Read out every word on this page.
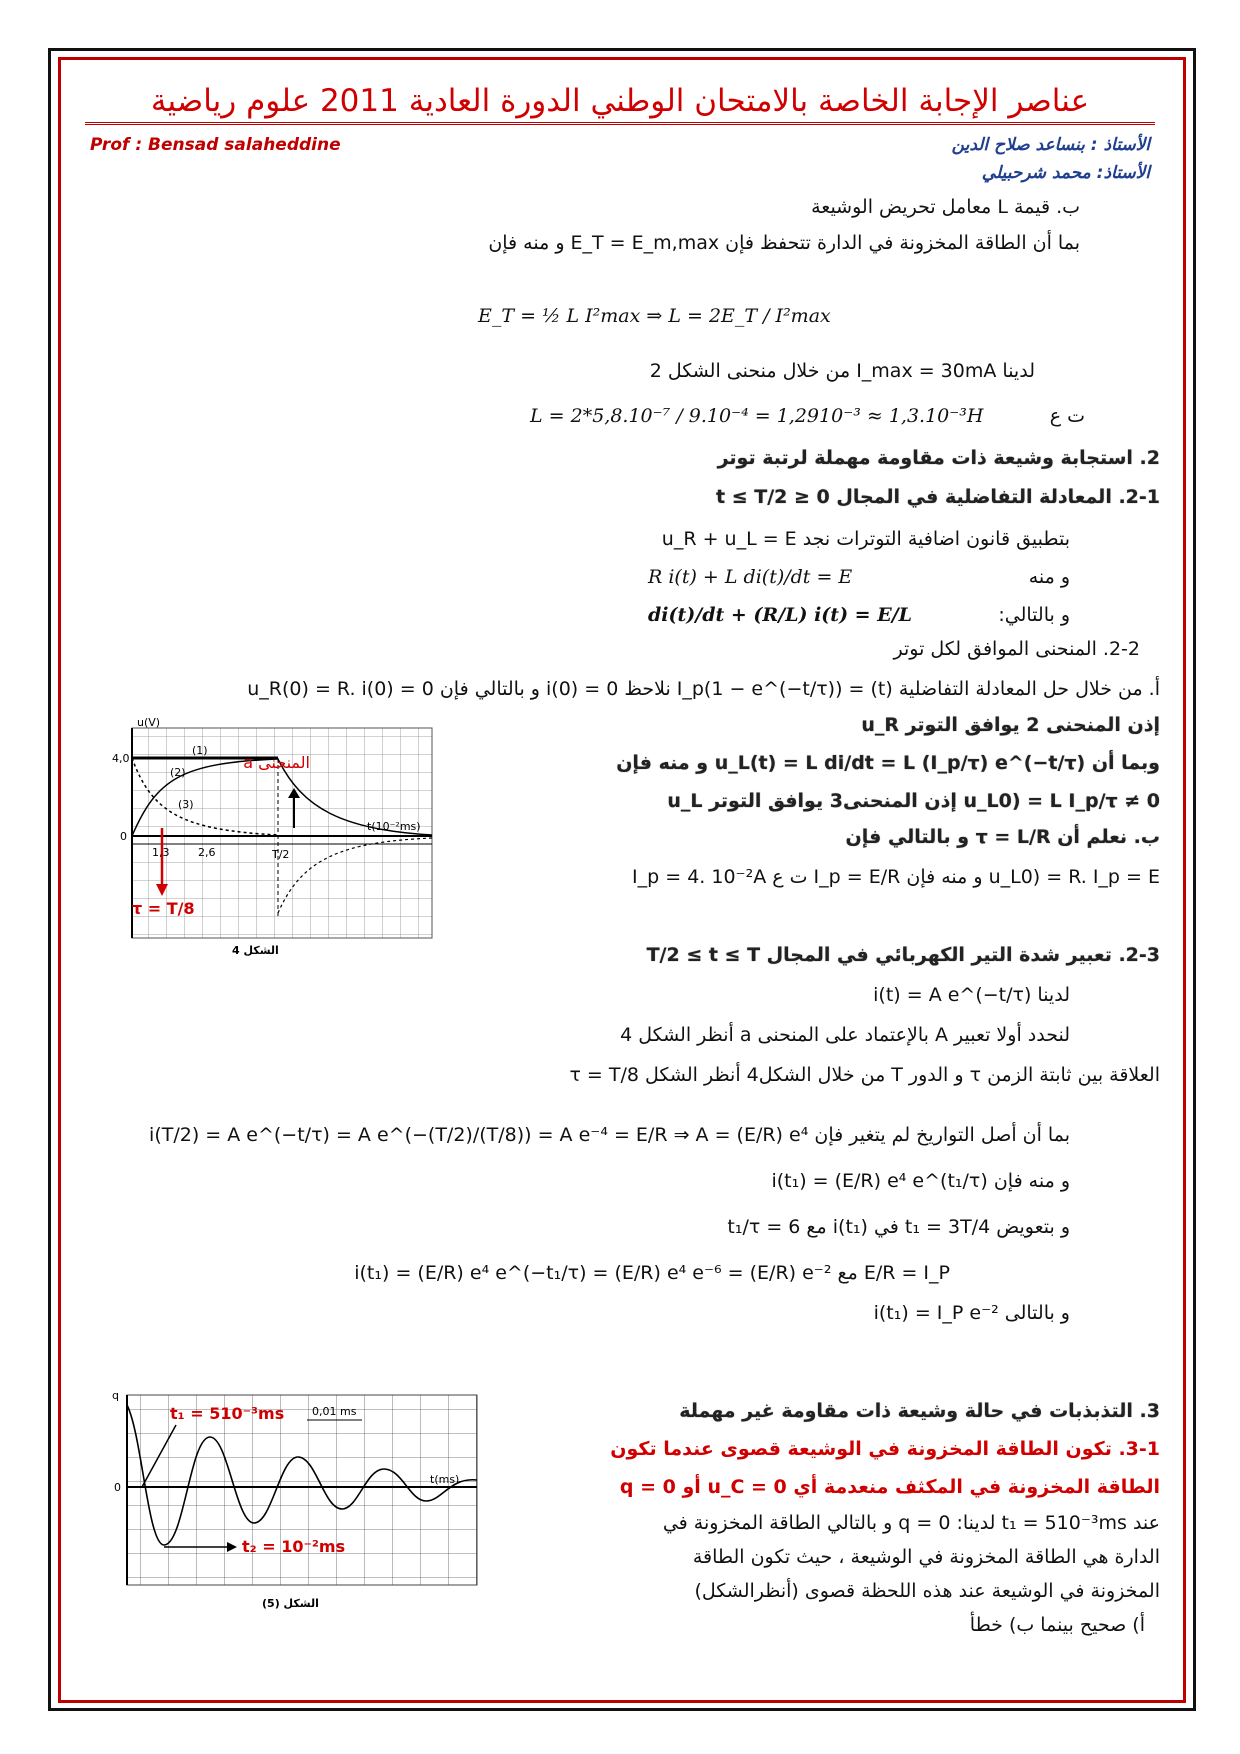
عناصر الإجابة الخاصة بالامتحان الوطني الدورة العادية 2011 علوم رياضية
Prof : Bensad salaheddine	الأستاذ : بنساعد صلاح الدين
الأستاذ: محمد شرحبيلي
ب. قيمة L معامل تحريض الوشيعة
بما أن الطاقة المخزونة في الدارة تتحفظ فإن E_T = E_m,max و منه فإن
E_T = ½ L I²max ⇒ L = 2E_T / I²max
لدينا I_max = 30mA من خلال منحنى الشكل 2
L = 2*5,8.10⁻⁷ / 9.10⁻⁴ = 1,2910⁻³ ≈ 1,3.10⁻³H	ت ع
2. استجابة وشيعة ذات مقاومة مهملة لرتبة توتر
2-1. المعادلة التفاضلية في المجال 0 ≤ t ≤ T/2
بتطبيق قانون اضافية التوترات نجد u_R + u_L = E
و منه
R i(t) + L di(t)/dt = E
و بالتالي:
di(t)/dt + (R/L) i(t) = E/L
2-2. المنحنى الموافق لكل توتر
أ. من خلال حل المعادلة التفاضلية (t) = I_p(1 − e^(−t/τ)) نلاحظ i(0) = 0 و بالتالي فإن u_R(0) = R. i(0) = 0
إذن المنحنى 2 يوافق التوتر u_R
وبما أن u_L(t) = L di/dt = L (I_p/τ) e^(−t/τ) و منه فإن
u_L0) = L I_p/τ ≠ 0 إذن المنحنى3 يوافق التوتر u_L
ب. نعلم أن τ = L/R و بالتالي فإن
u_L0) = R. I_p = E و منه فإن I_p = E/R ت ع I_p = 4. 10⁻²A
2-3. تعبير شدة التير الكهربائي في المجال T/2 ≤ t ≤ T
لدينا i(t) = A e^(−t/τ)
لنحدد أولا تعبير A بالإعتماد على المنحنى a أنظر الشكل 4
العلاقة بين ثابتة الزمن τ و الدور T من خلال الشكل4 أنظر الشكل τ = T/8
بما أن أصل التواريخ لم يتغير فإن i(T/2) = A e^(−t/τ) = A e^(−(T/2)/(T/8)) = A e⁻⁴ = E/R ⇒ A = (E/R) e⁴
و منه فإن i(t₁) = (E/R) e⁴ e^(t₁/τ)
و بتعويض t₁ = 3T/4 في i(t₁) مع t₁/τ = 6
E/R = I_P مع i(t₁) = (E/R) e⁴ e^(−t₁/τ) = (E/R) e⁴ e⁻⁶ = (E/R) e⁻²
و بالتالى i(t₁) = I_P e⁻²
3. التذبذبات في حالة وشيعة ذات مقاومة غير مهملة
3-1. تكون الطاقة المخزونة في الوشيعة قصوى عندما تكون
الطاقة المخزونة في المكثف منعدمة أي u_C = 0 أو q = 0
عند t₁ = 510⁻³ms لدينا: q = 0 و بالتالي الطاقة المخزونة في
الدارة هي الطاقة المخزونة في الوشيعة ، حيث تكون الطاقة
المخزونة في الوشيعة عند هذه اللحظة قصوى (أنظرالشكل)
أ) صحيح بينما ب) خطأ
u(V)
t(10⁻²ms)
4,0
0
1,3	2,6	T/2
(1)
(2)
(3)
المنحنى a
τ = T/8
الشكل 4
q
t(ms)
0
0,01 ms
t₁ = 510⁻³ms
t₂ = 10⁻²ms
الشكل (5)
